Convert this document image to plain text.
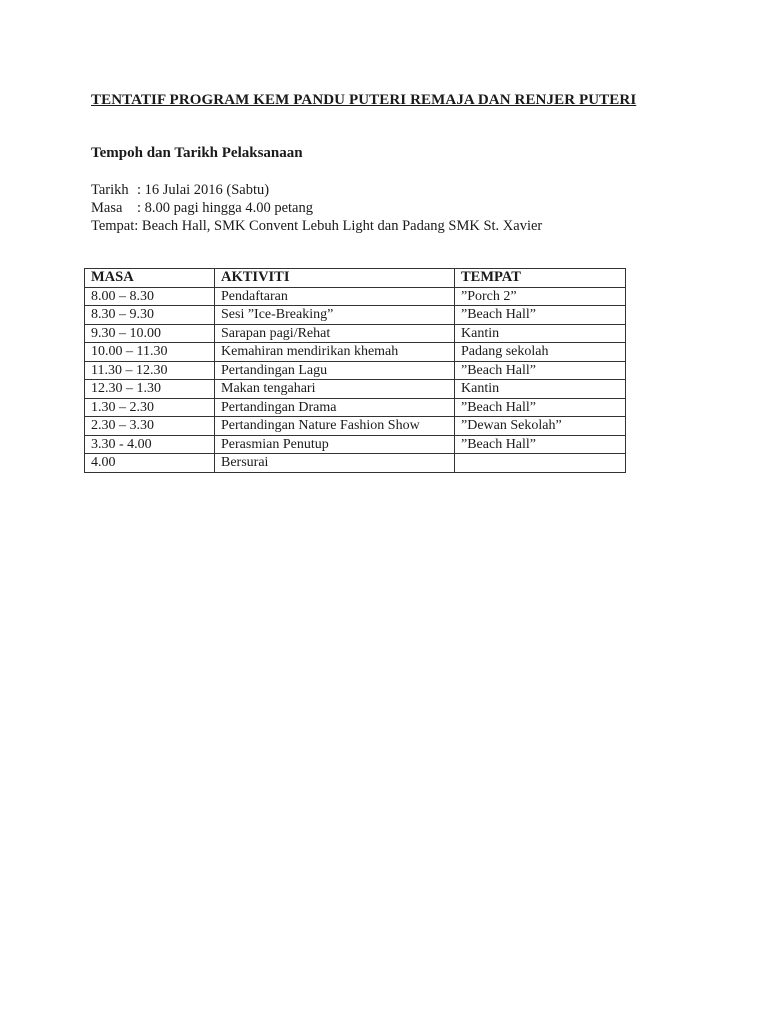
TENTATIF PROGRAM KEM PANDU PUTERI REMAJA DAN RENJER PUTERI
Tempoh dan Tarikh Pelaksanaan
Tarikh : 16 Julai 2016 (Sabtu)
Masa	: 8.00 pagi hingga 4.00 petang
Tempat : Beach Hall, SMK Convent Lebuh Light dan Padang SMK St. Xavier
MASA	AKTIVITI	TEMPAT
8.00 – 8.30	Pendaftaran	”Porch 2”
8.30 – 9.30	Sesi ”Ice-Breaking”	”Beach Hall”
9.30 – 10.00	Sarapan pagi/Rehat	Kantin
10.00 – 11.30	Kemahiran mendirikan khemah	Padang sekolah
11.30 – 12.30	Pertandingan Lagu	”Beach Hall”
12.30 – 1.30	Makan tengahari	Kantin
1.30 – 2.30	Pertandingan Drama	”Beach Hall”
2.30 – 3.30	Pertandingan Nature Fashion Show	”Dewan Sekolah”
3.30 - 4.00	Perasmian Penutup	”Beach Hall”
4.00	Bersurai	
